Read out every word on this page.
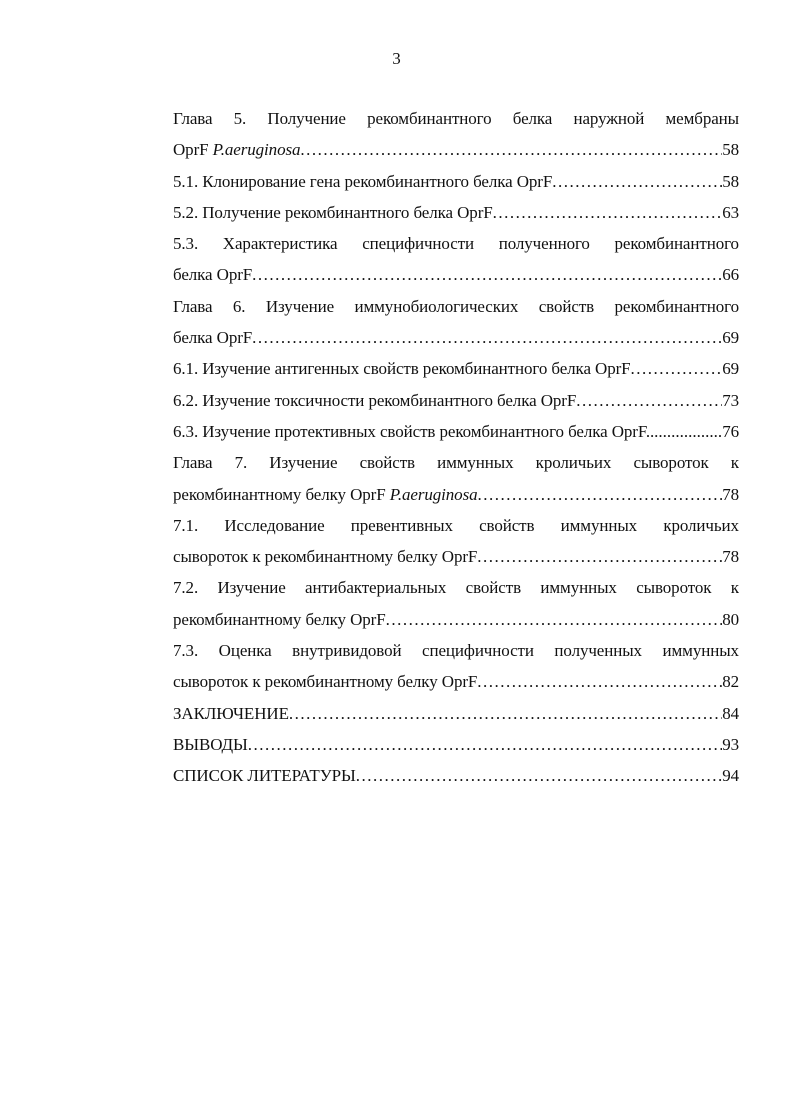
3
Глава 5. Получение рекомбинантного белка наружной мембраны
OprF P.aeruginosa .....	58
5.1. Клонирование гена рекомбинантного белка OprF .....	58
5.2. Получение рекомбинантного белка OprF .....	63
5.3. Характеристика специфичности полученного рекомбинантного
белка OprF .....	66
Глава 6. Изучение иммунобиологических свойств рекомбинантного
белка OprF .....	69
6.1. Изучение антигенных свойств рекомбинантного белка OprF .....	69
6.2. Изучение токсичности рекомбинантного белка OprF .....	73
6.3. Изучение протективных свойств рекомбинантного белка OprF.. .....	76
Глава 7. Изучение свойств иммунных кроличьих сывороток к
рекомбинантному белку OprF P.aeruginosa .....	78
7.1. Исследование превентивных свойств иммунных кроличьих
сывороток к рекомбинантному белку OprF .....	78
7.2. Изучение антибактериальных свойств иммунных сывороток к
рекомбинантному белку OprF .....	80
7.3. Оценка внутривидовой специфичности полученных иммунных
сывороток к рекомбинантному белку OprF .....	82
ЗАКЛЮЧЕНИЕ .....	84
ВЫВОДЫ .....	93
СПИСОК ЛИТЕРАТУРЫ .....	94
